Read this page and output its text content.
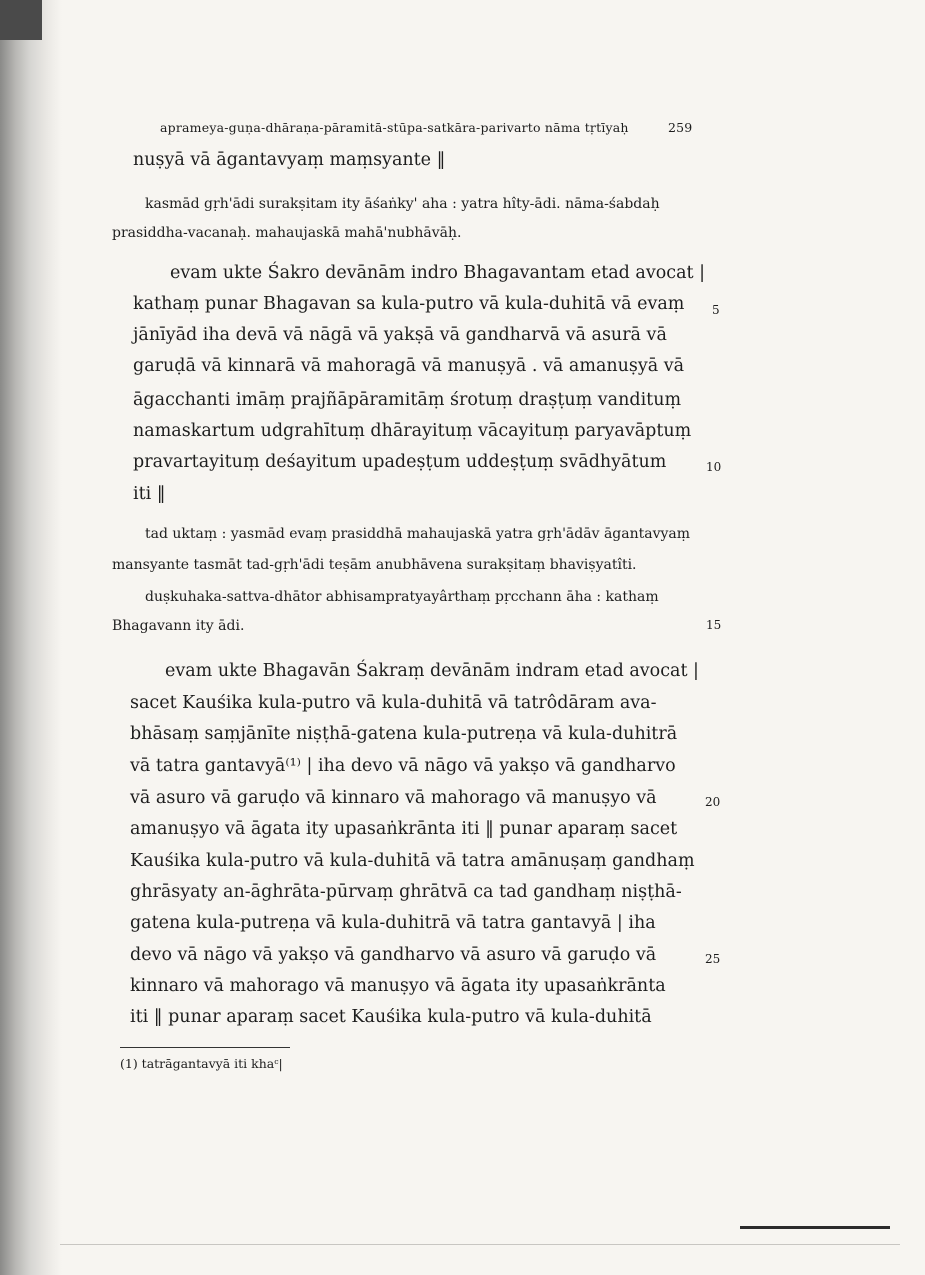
aprameya-guṇa-dhāraṇa-pāramitā-stūpa-satkāra-parivarto nāma tṛtīyaḥ	259
nuṣyā vā āgantavyaṃ maṃsyante ‖
kasmād gṛh'ādi surakṣitam ity āśaṅky' aha : yatra hîty-ādi. nāma-śabdaḥ
prasiddha-vacanaḥ. mahaujaskā mahā'nubhāvāḥ.
evam ukte Śakro devānām indro Bhagavantam etad avocat |
kathaṃ punar Bhagavan sa kula-putro vā kula-duhitā vā evaṃ
jānīyād iha devā vā nāgā vā yakṣā vā gandharvā vā asurā vā
garuḍā vā kinnarā vā mahoragā vā manuṣyā . vā amanuṣyā vā
āgacchanti imāṃ prajñāpāramitāṃ śrotuṃ draṣṭuṃ vandituṃ
namaskartum udgrahītuṃ dhārayituṃ vācayituṃ paryavāptuṃ
pravartayituṃ deśayitum upadeṣṭum uddeṣṭuṃ svādhyātum
iti ‖
tad uktaṃ : yasmād evaṃ prasiddhā mahaujaskā yatra gṛh'ādāv āgantavyaṃ
mansyante tasmāt tad-gṛh'ādi teṣām anubhāvena surakṣitaṃ bhaviṣyatîti.
duṣkuhaka-sattva-dhātor abhisampratyayârthaṃ pṛcchann āha : kathaṃ
Bhagavann ity ādi.
evam ukte Bhagavān Śakraṃ devānām indram etad avocat |
sacet Kauśika kula-putro vā kula-duhitā vā tatrôdāram ava-
bhāsaṃ saṃjānīte niṣṭhā-gatena kula-putreṇa vā kula-duhitrā
vā tatra gantavyā⁽¹⁾ | iha devo vā nāgo vā yakṣo vā gandharvo
vā asuro vā garuḍo vā kinnaro vā mahorago vā manuṣyo vā
amanuṣyo vā āgata ity upasaṅkrānta iti ‖ punar aparaṃ sacet
Kauśika kula-putro vā kula-duhitā vā tatra amānuṣaṃ gandhaṃ
ghrāsyaty an-āghrāta-pūrvaṃ ghrātvā ca tad gandhaṃ niṣṭhā-
gatena kula-putreṇa vā kula-duhitrā vā tatra gantavyā | iha
devo vā nāgo vā yakṣo vā gandharvo vā asuro vā garuḍo vā
kinnaro vā mahorago vā manuṣyo vā āgata ity upasaṅkrānta
iti ‖ punar aparaṃ sacet Kauśika kula-putro vā kula-duhitā
5
10
15
20
25
(1) tatrāgantavyā iti khaᶜ|
